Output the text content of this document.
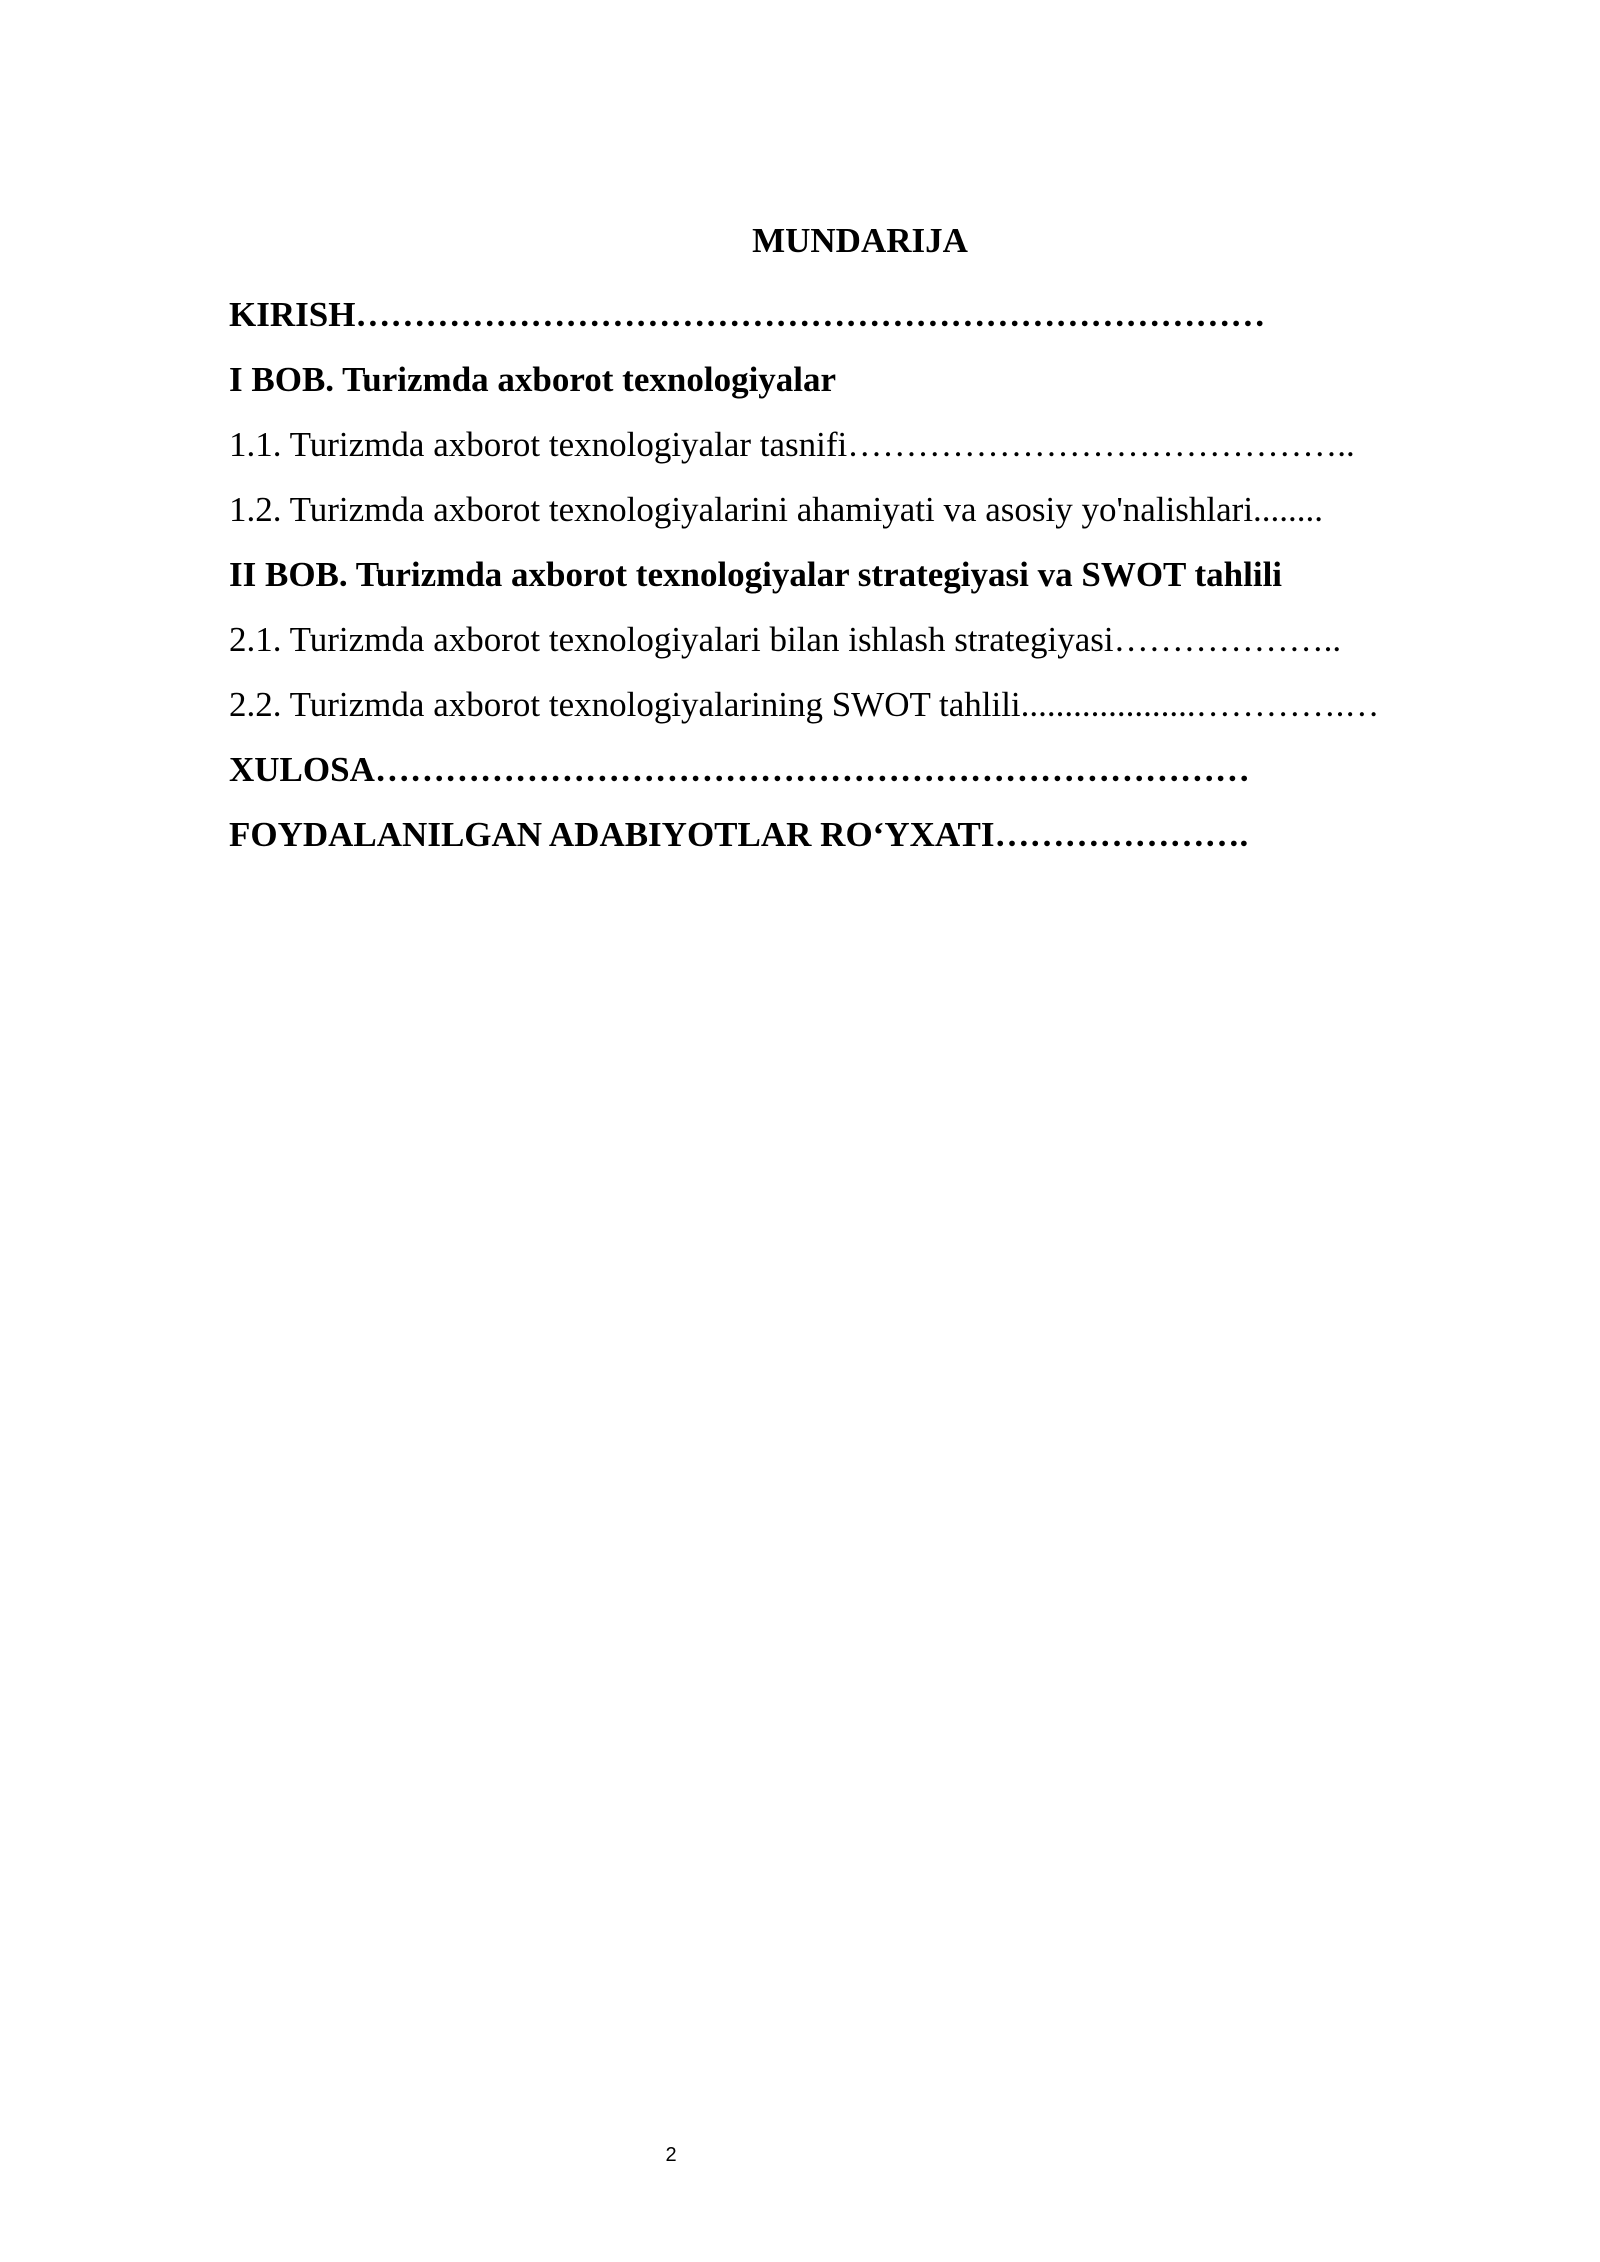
MUNDARIJA
KIRISH……………………………………………………………………
I BOB. Turizmda axborot texnologiyalar
1.1. Turizmda axborot texnologiyalar tasnifi……………………………………..
1.2. Turizmda axborot texnologiyalarini ahamiyati va asosiy yo'nalishlari........
II BOB. Turizmda axborot texnologiyalar strategiyasi va SWOT tahlili
2.1. Turizmda axborot texnologiyalari bilan ishlash strategiyasi………………..
2.2. Turizmda axborot texnologiyalarining SWOT tahlili....................………….…
XULOSA…………………………………………………………………
FOYDALANILGAN ADABIYOTLAR RO‘YXATI………………….
2
